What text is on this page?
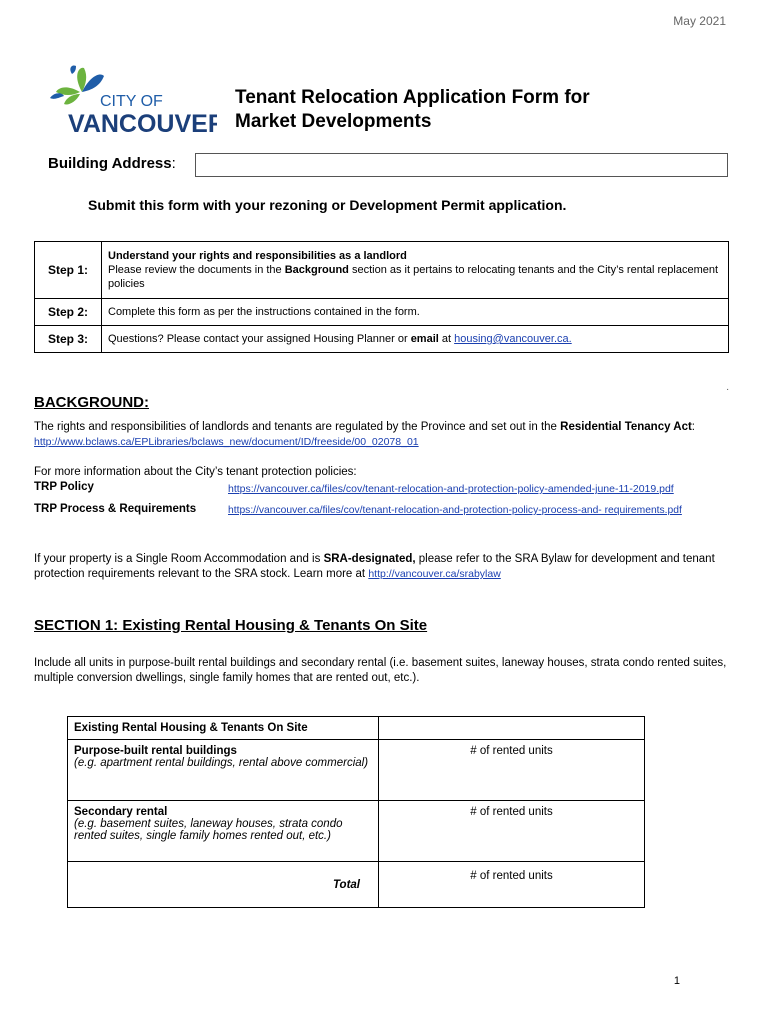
May 2021
CITY OF
VANCOUVER
Tenant Relocation Application Form for
Market Developments
Building Address:
Submit this form with your rezoning or Development Permit application.
Step 1:	Understand your rights and responsibilities as a landlord
Please review the documents in the Background section as it pertains to relocating tenants and the City’s rental replacement policies
Step 2:	Complete this form as per the instructions contained in the form.
Step 3:	Questions? Please contact your assigned Housing Planner or email at housing@vancouver.ca.
.
BACKGROUND:
The rights and responsibilities of landlords and tenants are regulated by the Province and set out in the Residential Tenancy Act: http://www.bclaws.ca/EPLibraries/bclaws_new/document/ID/freeside/00_02078_01
For more information about the City’s tenant protection policies:
TRP Policy	https://vancouver.ca/files/cov/tenant-relocation-and-protection-policy-amended-june-11-2019.pdf
TRP Process & Requirements	https://vancouver.ca/files/cov/tenant-relocation-and-protection-policy-process-and- requirements.pdf
If your property is a Single Room Accommodation and is SRA-designated, please refer to the SRA Bylaw for development and tenant protection requirements relevant to the SRA stock. Learn more at http://vancouver.ca/srabylaw
SECTION 1: Existing Rental Housing & Tenants On Site
Include all units in purpose-built rental buildings and secondary rental (i.e. basement suites, laneway houses, strata condo rented suites, multiple conversion dwellings, single family homes that are rented out, etc.).
Existing Rental Housing & Tenants On Site	

Purpose-built rental buildings
(e.g. apartment rental buildings, rental above commercial)	# of rented units

Secondary rental
(e.g. basement suites, laneway houses, strata condo rented suites, single family homes rented out, etc.)	# of rented units
Total	# of rented units
1
